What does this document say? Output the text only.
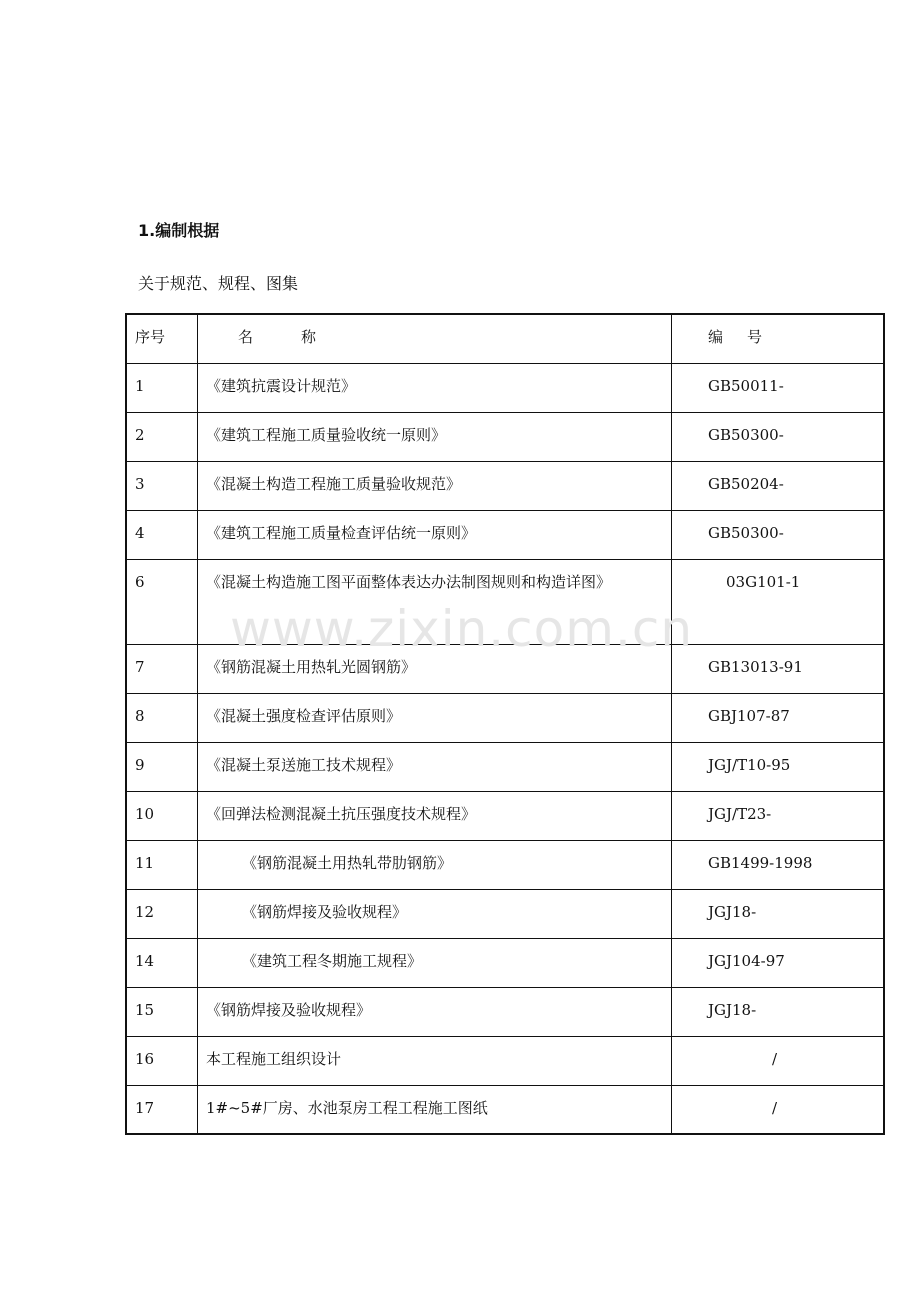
1.编制根据
关于规范、规程、图集
序号	名 称	编 号
1	《建筑抗震设计规范》	GB50011-
2	《建筑工程施工质量验收统一原则》	GB50300-
3	《混凝土构造工程施工质量验收规范》	GB50204-
4	《建筑工程施工质量检查评估统一原则》	GB50300-
6	《混凝土构造施工图平面整体表达办法制图规则和构造详图》	03G101-1
7	《钢筋混凝土用热轧光圆钢筋》	GB13013-91
8	《混凝土强度检查评估原则》	GBJ107-87
9	《混凝土泵送施工技术规程》	JGJ/T10-95
10	《回弹法检测混凝土抗压强度技术规程》	JGJ/T23-
11	《钢筋混凝土用热轧带肋钢筋》	GB1499-1998
12	《钢筋焊接及验收规程》	JGJ18-
14	《建筑工程冬期施工规程》	JGJ104-97
15	《钢筋焊接及验收规程》	JGJ18-
16	本工程施工组织设计	/
17	1#~5#厂房、水池泵房工程工程施工图纸	/
www.zixin.com.cn
